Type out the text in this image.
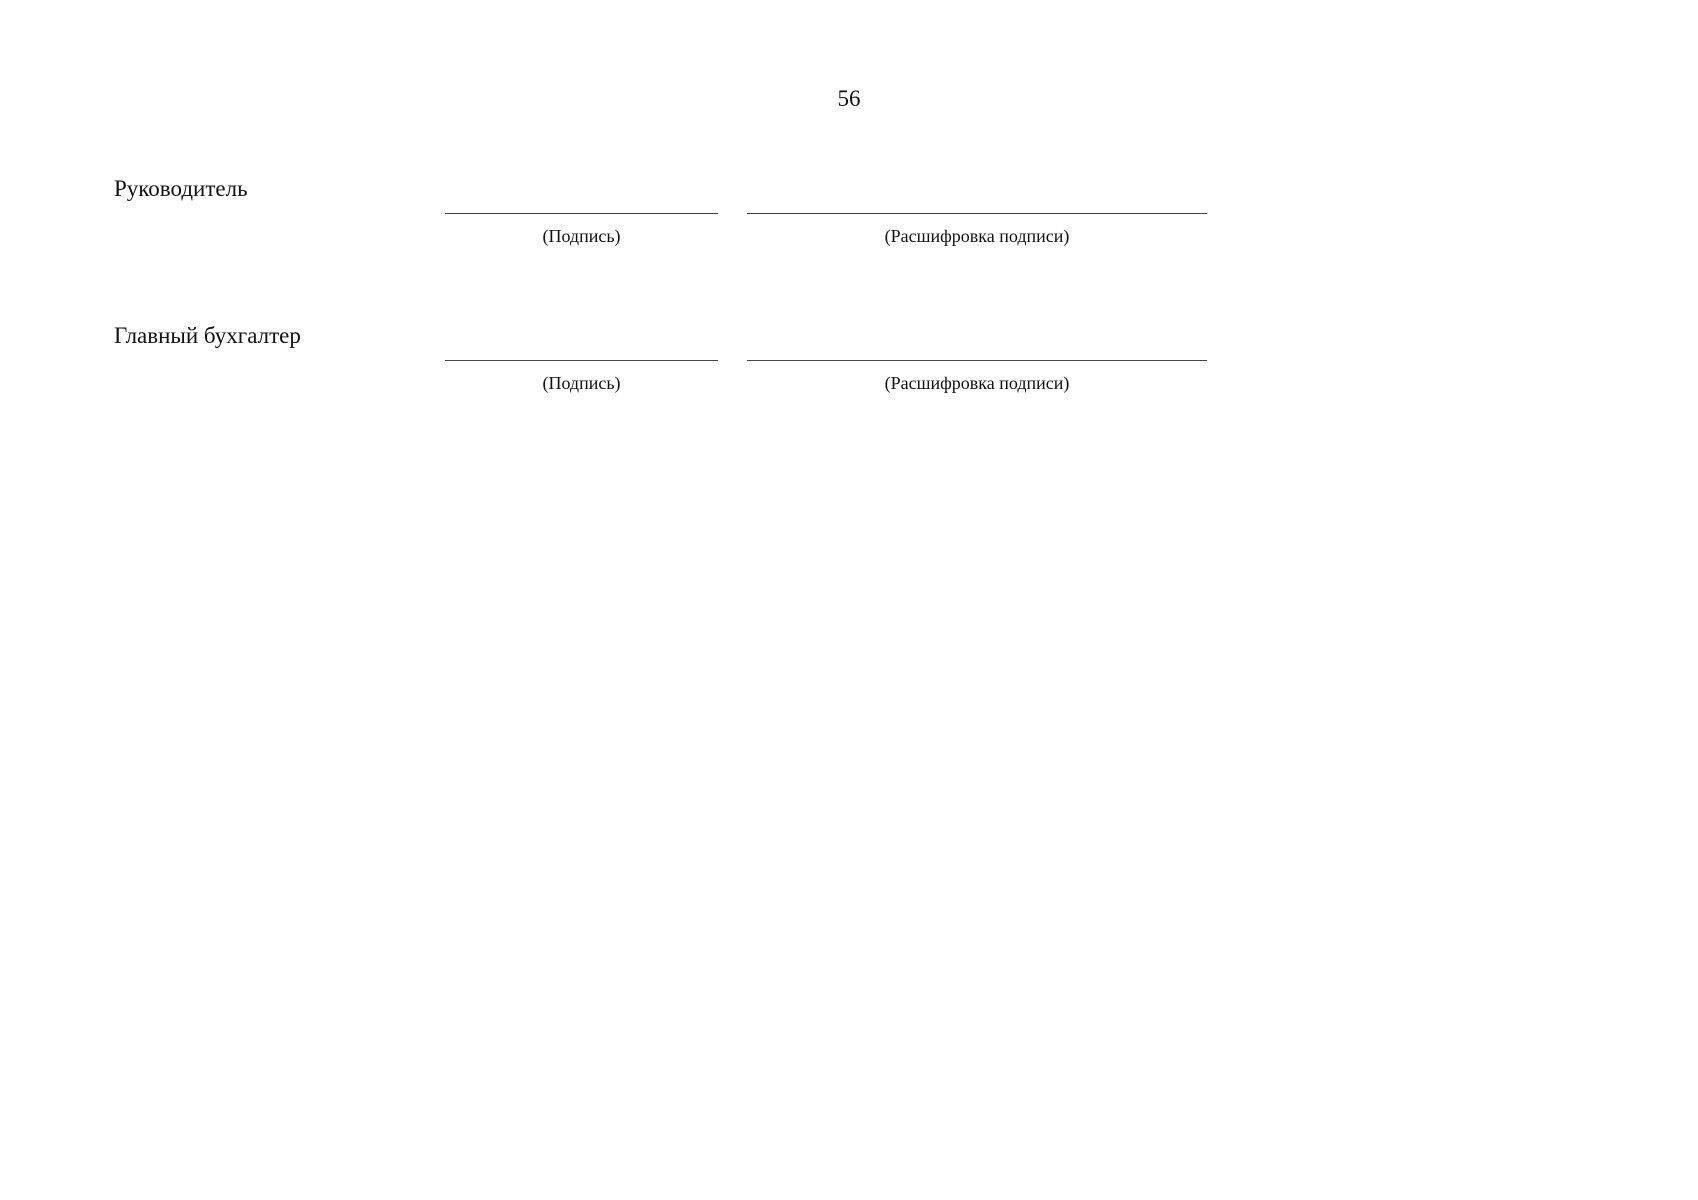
56
Руководитель
(Подпись)	(Расшифровка подписи)
Главный бухгалтер
(Подпись)	(Расшифровка подписи)
